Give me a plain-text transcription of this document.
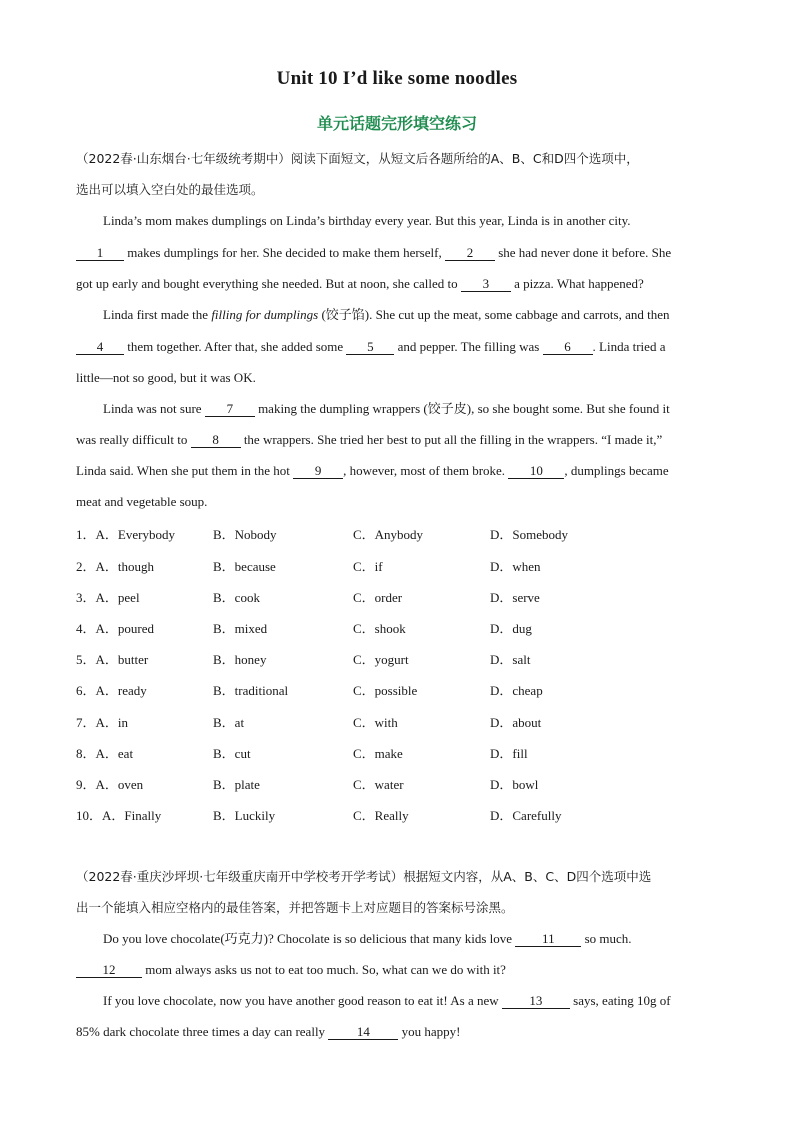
Unit 10 I’d like some noodles
单元话题完形填空练习
（2022春·山东烟台·七年级统考期中）阅读下面短文，从短文后各题所给的A、B、C和D四个选项中，
选出可以填入空白处的最佳选项。
Linda’s mom makes dumplings on Linda’s birthday every year. But this year, Linda is in another city.
1 makes dumplings for her. She decided to make them herself, 2 she had never done it before. She
got up early and bought everything she needed. But at noon, she called to 3 a pizza. What happened?
Linda first made the filling for dumplings (饺子馅). She cut up the meat, some cabbage and carrots, and then
4 them together. After that, she added some 5 and pepper. The filling was 6 . Linda tried a
little—not so good, but it was OK.
Linda was not sure 7 making the dumpling wrappers (饺子皮), so she bought some. But she found it
was really difficult to 8 the wrappers. She tried her best to put all the filling in the wrappers. “I made it,”
Linda said. When she put them in the hot 9 , however, most of them broke. 10 , dumplings became
meat and vegetable soup.
1．A．Everybody	B．Nobody	C．Anybody	D．Somebody
2．A．though	B．because	C．if	D．when
3．A．peel	B．cook	C．order	D．serve
4．A．poured	B．mixed	C．shook	D．dug
5．A．butter	B．honey	C．yogurt	D．salt
6．A．ready	B．traditional	C．possible	D．cheap
7．A．in	B．at	C．with	D．about
8．A．eat	B．cut	C．make	D．fill
9．A．oven	B．plate	C．water	D．bowl
10．A．Finally	B．Luckily	C．Really	D．Carefully
（2022春·重庆沙坪坝·七年级重庆南开中学校考开学考试）根据短文内容，从A、B、C、D四个选项中选
出一个能填入相应空格内的最佳答案，并把答题卡上对应题目的答案标号涂黑。
Do you love chocolate(巧克力)? Chocolate is so delicious that many kids love 11 so much.
12 mom always asks us not to eat too much. So, what can we do with it?
If you love chocolate, now you have another good reason to eat it! As a new 13 says, eating 10g of
85% dark chocolate three times a day can really 14 you happy!
